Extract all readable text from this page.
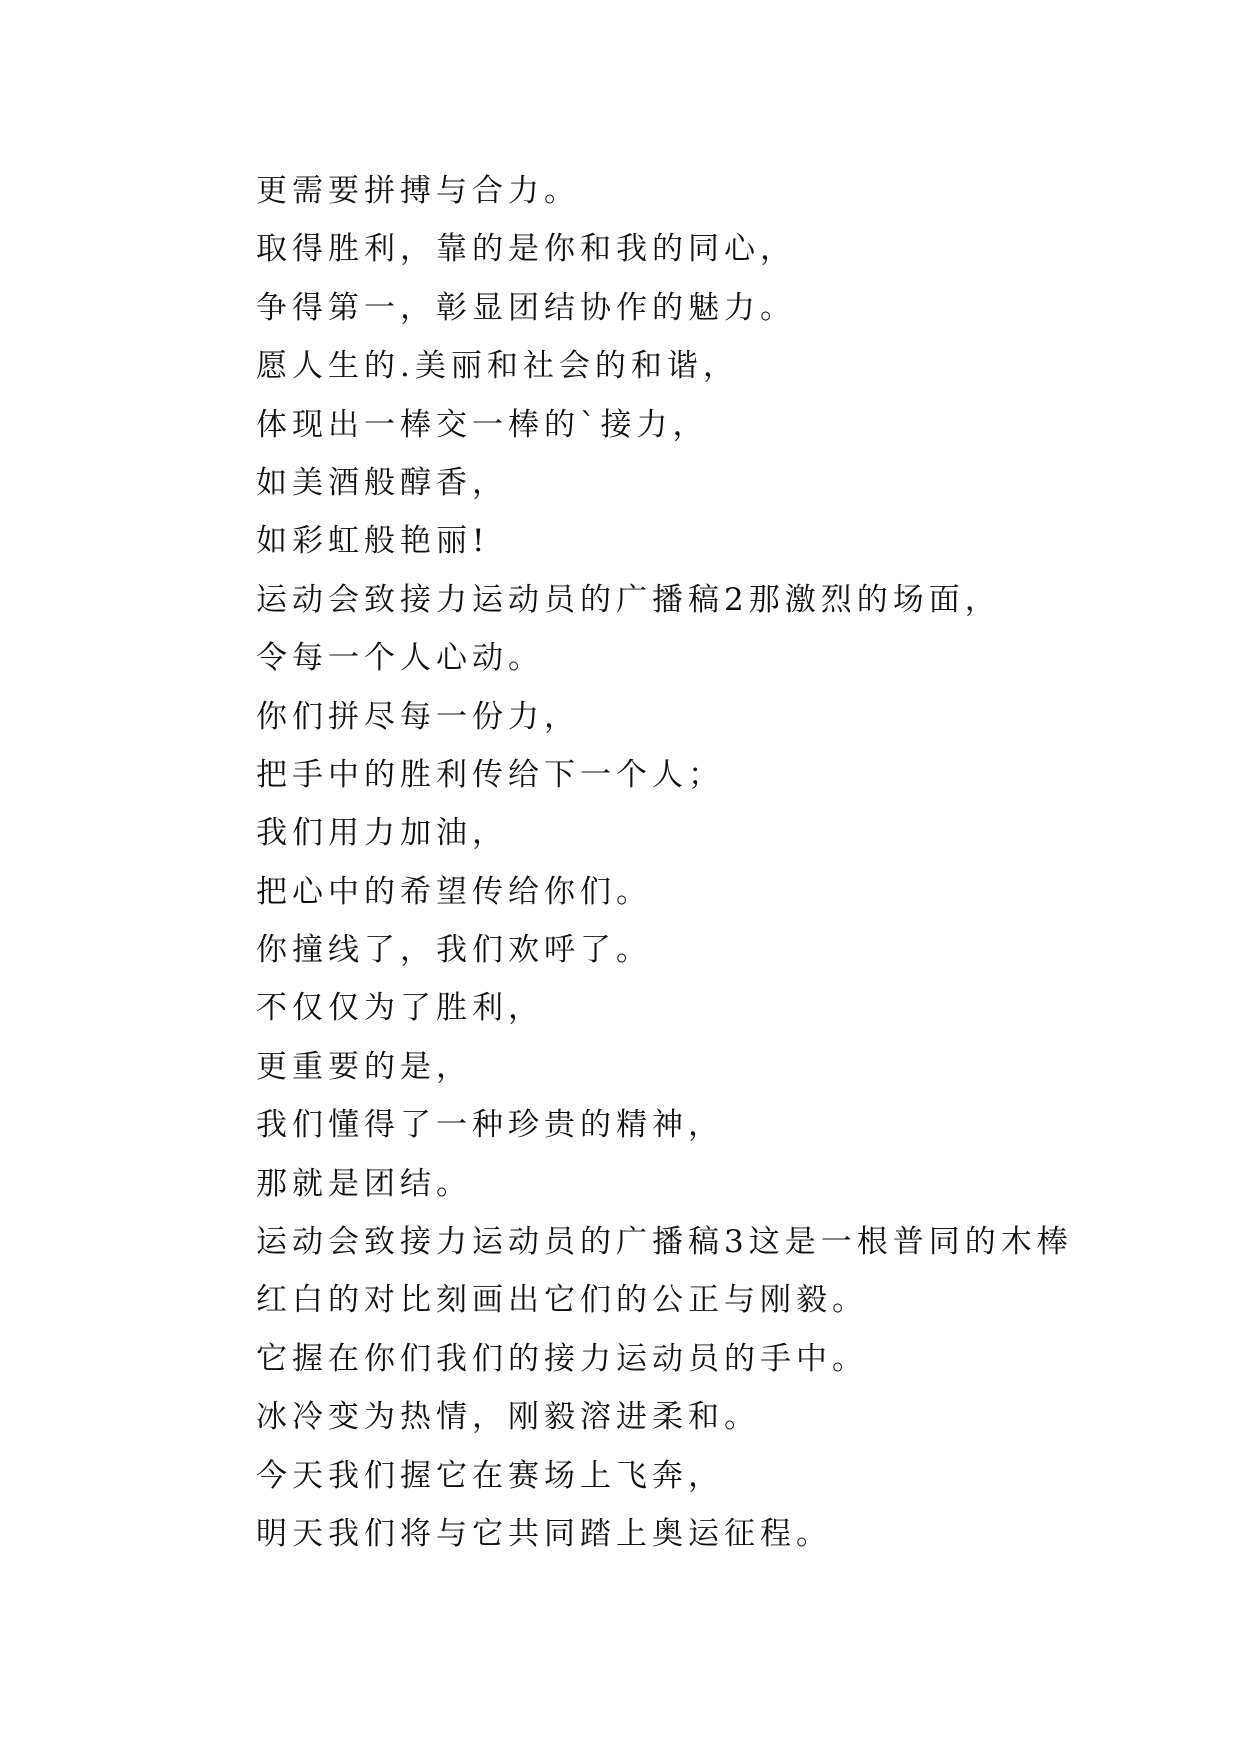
更需要拼搏与合力。
取得胜利，靠的是你和我的同心，
争得第一，彰显团结协作的魅力。
愿人生的.美丽和社会的和谐，
体现出一棒交一棒的`接力，
如美酒般醇香，
如彩虹般艳丽!
运动会致接力运动员的广播稿2那激烈的场面，
令每一个人心动。
你们拼尽每一份力，
把手中的胜利传给下一个人；
我们用力加油，
把心中的希望传给你们。
你撞线了，我们欢呼了。
不仅仅为了胜利，
更重要的是，
我们懂得了一种珍贵的精神，
那就是团结。
运动会致接力运动员的广播稿3这是一根普同的木棒
红白的对比刻画出它们的公正与刚毅。
它握在你们我们的接力运动员的手中。
冰冷变为热情，刚毅溶进柔和。
今天我们握它在赛场上飞奔，
明天我们将与它共同踏上奥运征程。
